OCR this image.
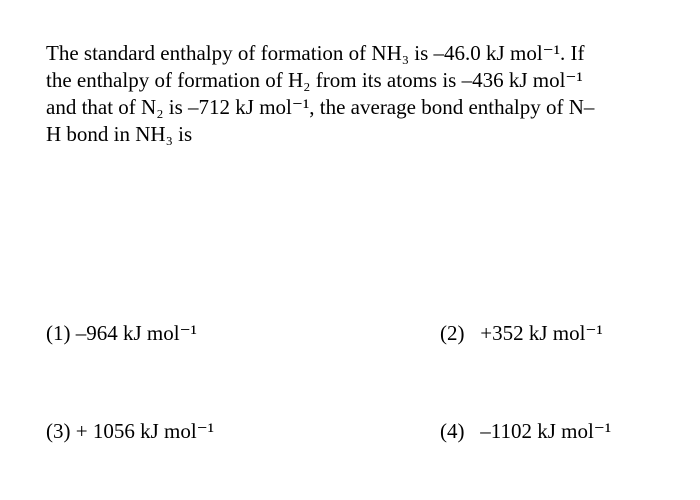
The standard enthalpy of formation of NH₃ is –46.0 kJ mol⁻¹. If
the enthalpy of formation of H₂ from its atoms is –436 kJ mol⁻¹
and that of N₂ is –712 kJ mol⁻¹, the average bond enthalpy of N–
H bond in NH₃ is
(1) –964 kJ mol⁻¹	(2) +352 kJ mol⁻¹
(3) + 1056 kJ mol⁻¹	(4) –1102 kJ mol⁻¹
